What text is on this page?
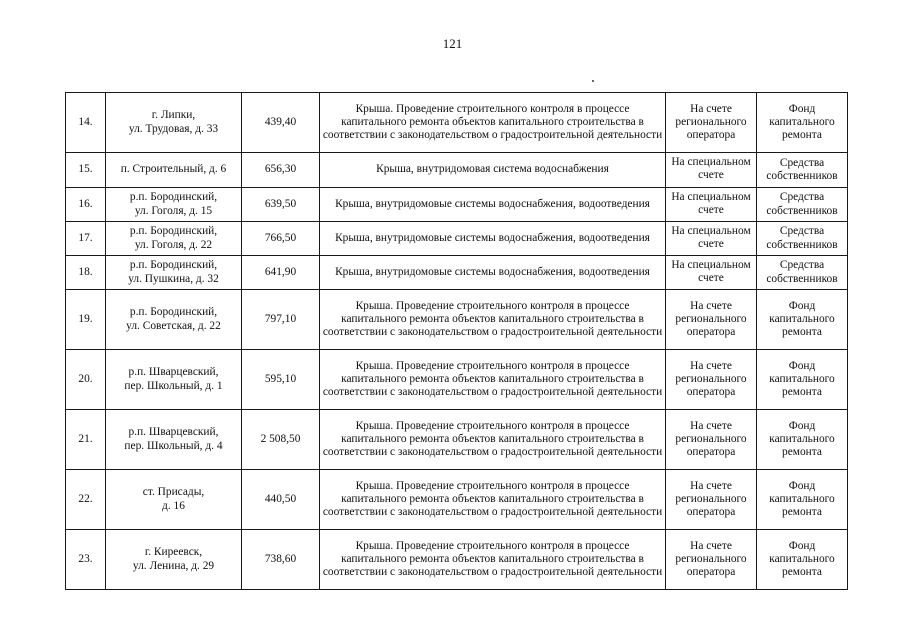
121
14.	г. Липки,
ул. Трудовая, д. 33	439,40	Крыша. Проведение строительного контроля в процессе капитального ремонта объектов капитального строительства в соответствии с законодательством о градостроительной деятельности	На счете регионального оператора	Фонд капитального ремонта
15.	п. Строительный, д. 6	656,30	Крыша, внутридомовая система водоснабжения	На специальном счете	Средства собственников
16.	р.п. Бородинский,
ул. Гоголя, д. 15	639,50	Крыша, внутридомовые системы водоснабжения, водоотведения	На специальном счете	Средства собственников
17.	р.п. Бородинский,
ул. Гоголя, д. 22	766,50	Крыша, внутридомовые системы водоснабжения, водоотведения	На специальном счете	Средства собственников
18.	р.п. Бородинский,
ул. Пушкина, д. 32	641,90	Крыша, внутридомовые системы водоснабжения, водоотведения	На специальном счете	Средства собственников
19.	р.п. Бородинский,
ул. Советская, д. 22	797,10	Крыша. Проведение строительного контроля в процессе капитального ремонта объектов капитального строительства в соответствии с законодательством о градостроительной деятельности	На счете регионального оператора	Фонд капитального ремонта
20.	р.п. Шварцевский,
пер. Школьный, д. 1	595,10	Крыша. Проведение строительного контроля в процессе капитального ремонта объектов капитального строительства в соответствии с законодательством о градостроительной деятельности	На счете регионального оператора	Фонд капитального ремонта
21.	р.п. Шварцевский,
пер. Школьный, д. 4	2 508,50	Крыша. Проведение строительного контроля в процессе капитального ремонта объектов капитального строительства в соответствии с законодательством о градостроительной деятельности	На счете регионального оператора	Фонд капитального ремонта
22.	ст. Присады,
д. 16	440,50	Крыша. Проведение строительного контроля в процессе капитального ремонта объектов капитального строительства в соответствии с законодательством о градостроительной деятельности	На счете регионального оператора	Фонд капитального ремонта
23.	г. Киреевск,
ул. Ленина, д. 29	738,60	Крыша. Проведение строительного контроля в процессе капитального ремонта объектов капитального строительства в соответствии с законодательством о градостроительной деятельности	На счете регионального оператора	Фонд капитального ремонта
